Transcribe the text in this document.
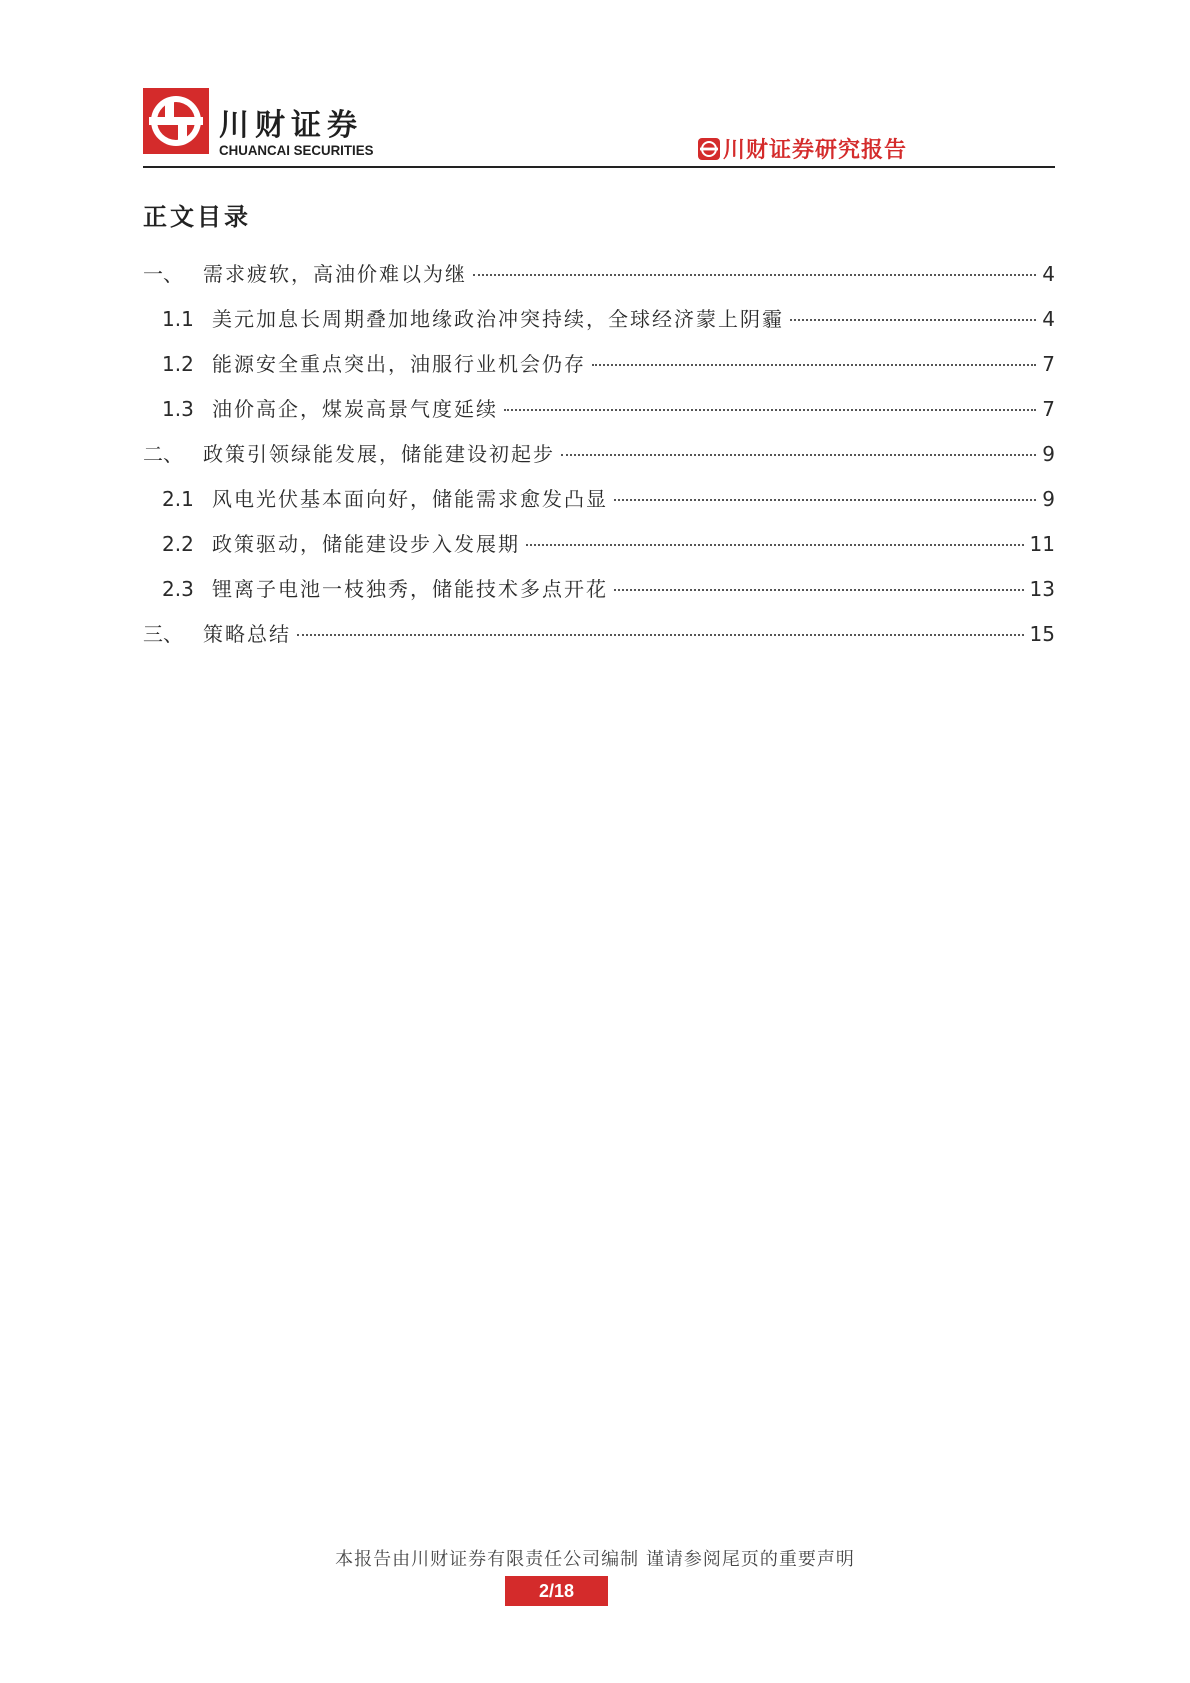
川财证券
CHUANCAI SECURITIES	川财证券研究报告
正文目录
一、	需求疲软，高油价难以为继	4
1.1 美元加息长周期叠加地缘政治冲突持续，全球经济蒙上阴霾	4
1.2 能源安全重点突出，油服行业机会仍存	7
1.3 油价高企，煤炭高景气度延续	7
二、	政策引领绿能发展，储能建设初起步	9
2.1 风电光伏基本面向好，储能需求愈发凸显	9
2.2 政策驱动，储能建设步入发展期	11
2.3 锂离子电池一枝独秀，储能技术多点开花	13
三、	策略总结	15
本报告由川财证券有限责任公司编制 谨请参阅尾页的重要声明
2/18
